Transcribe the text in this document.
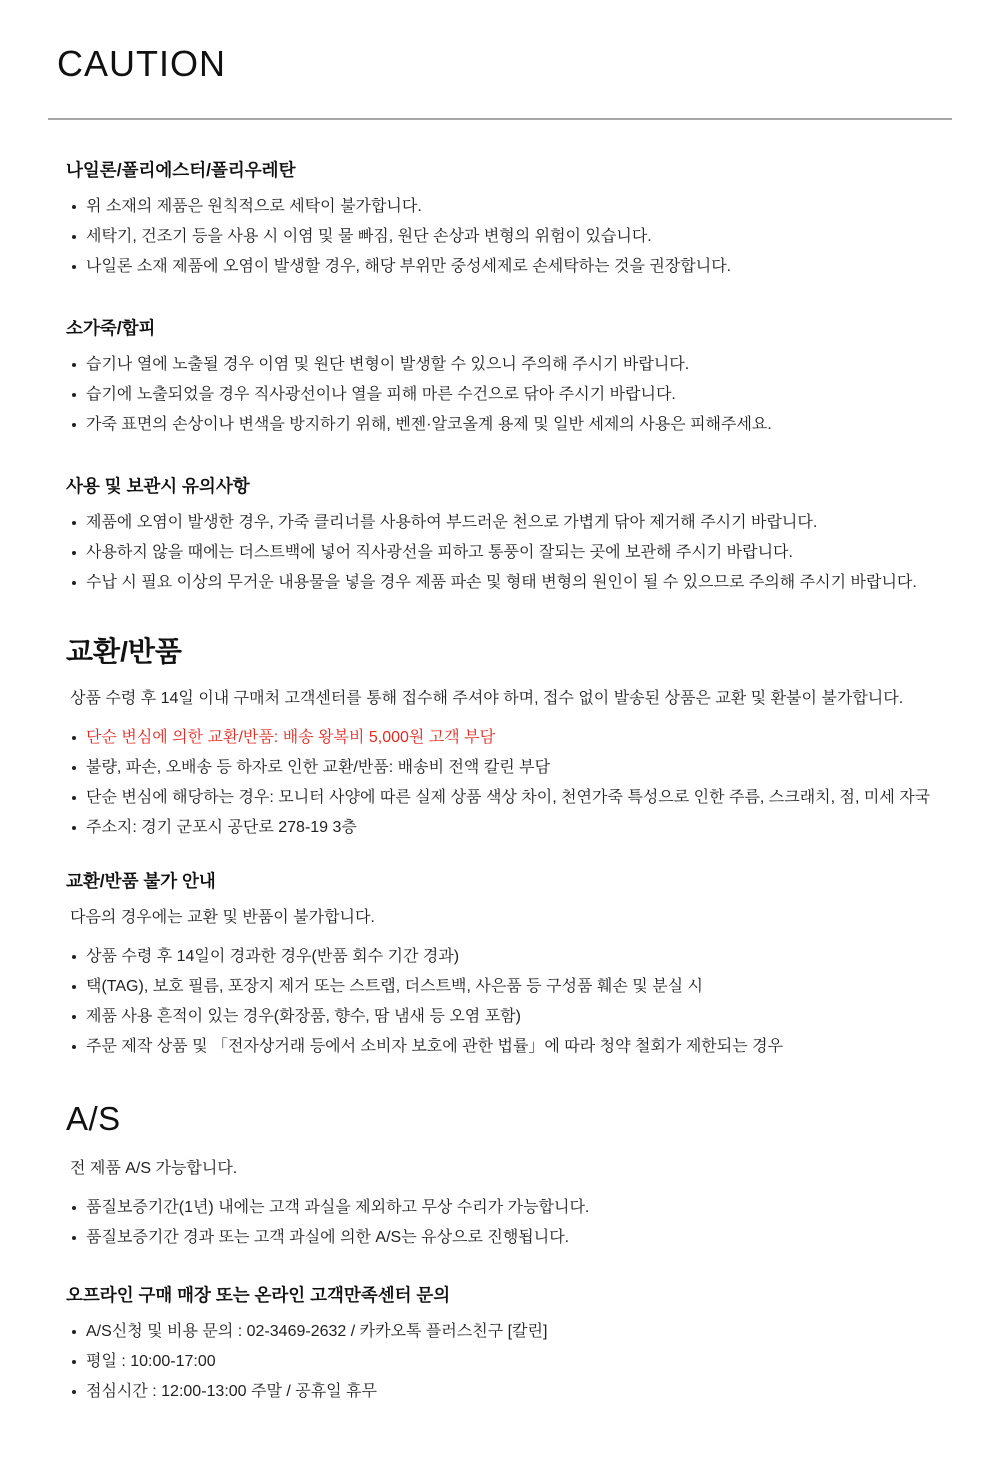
CAUTION
나일론/폴리에스터/폴리우레탄
위 소재의 제품은 원칙적으로 세탁이 불가합니다.
세탁기, 건조기 등을 사용 시 이염 및 물 빠짐, 원단 손상과 변형의 위험이 있습니다.
나일론 소재 제품에 오염이 발생할 경우, 해당 부위만 중성세제로 손세탁하는 것을 권장합니다.
소가죽/합피
습기나 열에 노출될 경우 이염 및 원단 변형이 발생할 수 있으니 주의해 주시기 바랍니다.
습기에 노출되었을 경우 직사광선이나 열을 피해 마른 수건으로 닦아 주시기 바랍니다.
가죽 표면의 손상이나 변색을 방지하기 위해, 벤젠·알코올계 용제 및 일반 세제의 사용은 피해주세요.
사용 및 보관시 유의사항
제품에 오염이 발생한 경우, 가죽 클리너를 사용하여 부드러운 천으로 가볍게 닦아 제거해 주시기 바랍니다.
사용하지 않을 때에는 더스트백에 넣어 직사광선을 피하고 통풍이 잘되는 곳에 보관해 주시기 바랍니다.
수납 시 필요 이상의 무거운 내용물을 넣을 경우 제품 파손 및 형태 변형의 원인이 될 수 있으므로 주의해 주시기 바랍니다.
교환/반품

상품 수령 후 14일 이내 구매처 고객센터를 통해 접수해 주셔야 하며, 접수 없이 발송된 상품은 교환 및 환불이 불가합니다.

단순 변심에 의한 교환/반품: 배송 왕복비 5,000원 고객 부담
불량, 파손, 오배송 등 하자로 인한 교환/반품: 배송비 전액 칼린 부담
단순 변심에 해당하는 경우: 모니터 사양에 따른 실제 상품 색상 차이, 천연가죽 특성으로 인한 주름, 스크래치, 점, 미세 자국
주소지: 경기 군포시 공단로 278-19 3층
교환/반품 불가 안내

다음의 경우에는 교환 및 반품이 불가합니다.

상품 수령 후 14일이 경과한 경우(반품 회수 기간 경과)
택(TAG), 보호 필름, 포장지 제거 또는 스트랩, 더스트백, 사은품 등 구성품 훼손 및 분실 시
제품 사용 흔적이 있는 경우(화장품, 향수, 땀 냄새 등 오염 포함)
주문 제작 상품 및 「전자상거래 등에서 소비자 보호에 관한 법률」에 따라 청약 철회가 제한되는 경우
A/S

전 제품 A/S 가능합니다.

품질보증기간(1년) 내에는 고객 과실을 제외하고 무상 수리가 가능합니다.
품질보증기간 경과 또는 고객 과실에 의한 A/S는 유상으로 진행됩니다.
오프라인 구매 매장 또는 온라인 고객만족센터 문의
A/S신청 및 비용 문의 : 02-3469-2632 / 카카오톡 플러스친구 [칼린]
평일 : 10:00-17:00
점심시간 : 12:00-13:00 주말 / 공휴일 휴무
